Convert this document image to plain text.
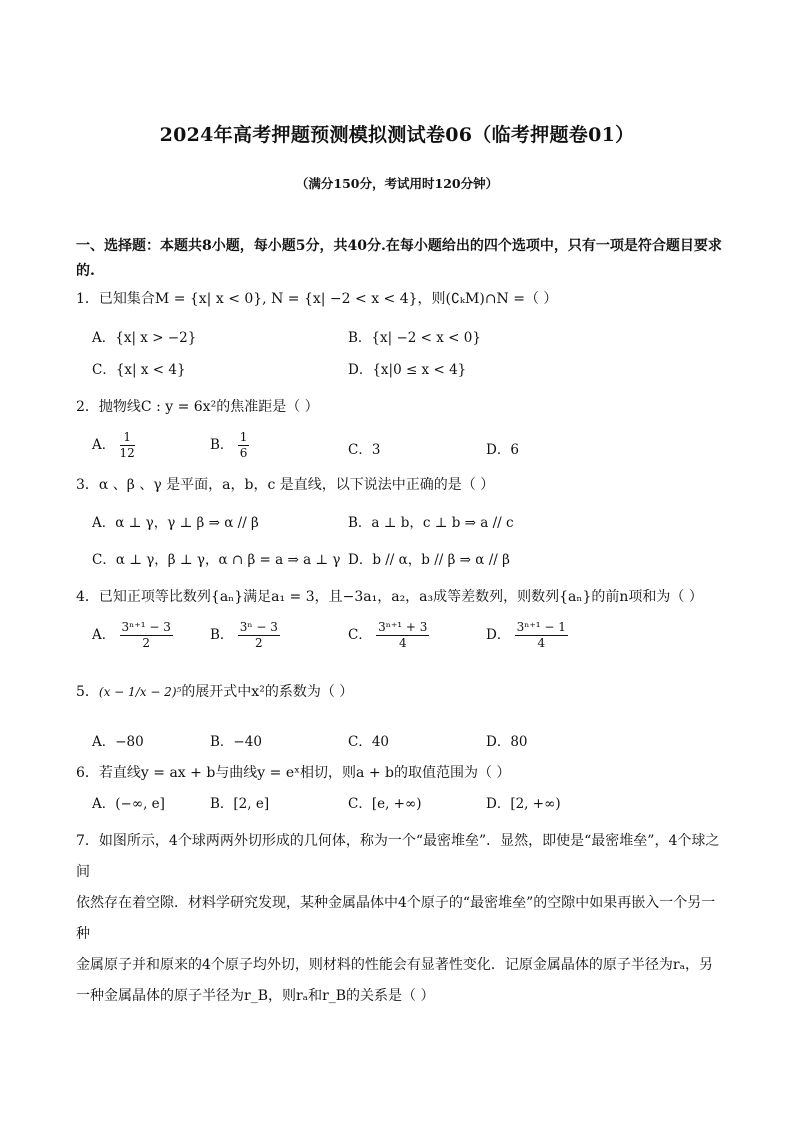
2024年高考押题预测模拟测试卷06（临考押题卷01）
（满分150分，考试用时120分钟）
一、选择题：本题共8小题，每小题5分，共40分.在每小题给出的四个选项中，只有一项是符合题目要求的.
1．已知集合M = {x| x < 0}, N = {x| −2 < x < 4}，则(∁ₖM)∩N =（ ）
A．{x| x > −2}	B．{x| −2 < x < 0}
C．{x| x < 4}	D．{x|0 ≤ x < 4}
2．抛物线C : y = 6x²的焦准距是（ ）
A． $\frac{1}{12}$	B． $\frac{1}{6}$	C．3	D．6
3．α 、β 、γ 是平面，a，b，c 是直线，以下说法中正确的是（ ）
A．α ⊥ γ，γ ⊥ β ⇒ α // β	B．a ⊥ b，c ⊥ b ⇒ a // c
C．α ⊥ γ，β ⊥ γ，α ∩ β = a ⇒ a ⊥ γ D．b // α，b // β ⇒ α // β
4．已知正项等比数列{aₙ}满足a₁ = 3，且−3a₁，a₂，a₃成等差数列，则数列{aₙ}的前n项和为（ ）
A． $\frac{\text{3ⁿ⁺¹ − 3}}{2}$	B． $\frac{\text{3ⁿ − 3}}{2}$	C． $\frac{\text{3ⁿ⁺¹ + 3}}{4}$	D． $\frac{\text{3ⁿ⁺¹ − 1}}{4}$
5．(x − 1/x − 2)⁵的展开式中x²的系数为（ ）
A．−80	B．−40	C．40	D．80
6．若直线y = ax + b与曲线y = eˣ相切，则a + b的取值范围为（ ）
A．(−∞, e]	B．[2, e]	C．[e, +∞)	D．[2, +∞)
7．如图所示，4个球两两外切形成的几何体，称为一个“最密堆垒”．显然，即使是“最密堆垒”，4个球之间
依然存在着空隙．材料学研究发现，某种金属晶体中4个原子的“最密堆垒”的空隙中如果再嵌入一个另一种
金属原子并和原来的4个原子均外切，则材料的性能会有显著性变化．记原金属晶体的原子半径为rₐ，另
一种金属晶体的原子半径为r_B，则rₐ和r_B的关系是（ ）
